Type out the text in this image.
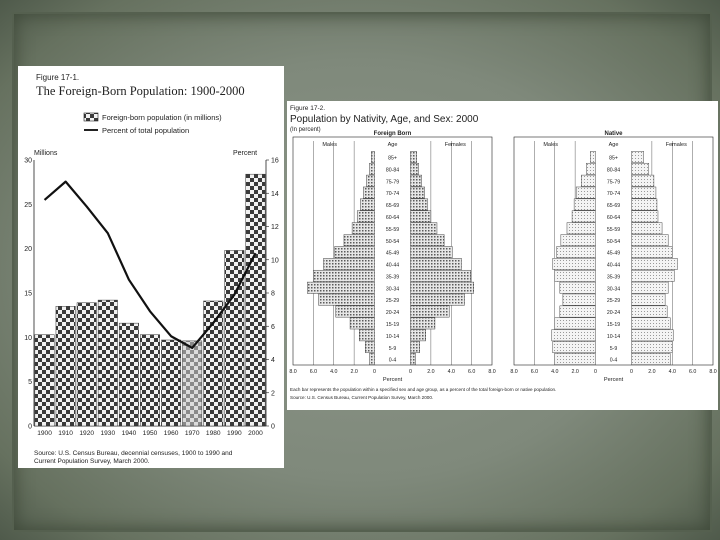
Figure 17-1.
The Foreign-Born Population: 1900-2000
Foreign-born population (in millions)
Percent of total population
Millions	Percent
0
5
10
15
20
25
30
0
2
4
6
8
10
12
14
16
1900 1910 1920 1930 1940 1950 1960 1970 1980 1990 2000
Source: U.S. Census Bureau, decennial censuses, 1900 to 1990 and
Current Population Survey, March 2000.
Figure 17-2.
Population by Nativity, Age, and Sex: 2000
(In percent)
Foreign Born
Males	Females
Age
85+
80-84
75-79
70-74
65-69
60-64
55-59
50-54
45-49
40-44
35-39
30-34
25-29
20-24
15-19
10-14
5-9
0-4
8.0 6.0 4.0 2.0	0	0	2.0 4.0 6.0 8.0
Percent
Native
Males	Females
Age
85+
80-84
75-79
70-74
65-69
60-64
55-59
50-54
45-49
40-44
35-39
30-34
25-29
20-24
15-19
10-14
5-9
0-4
8.0 6.0 4.0 2.0	0	0	2.0 4.0 6.0 8.0
Percent
Each bar represents the population within a specified sex and age group, as a percent of the total foreign-born or native population.
Source: U.S. Census Bureau, Current Population Survey, March 2000.
